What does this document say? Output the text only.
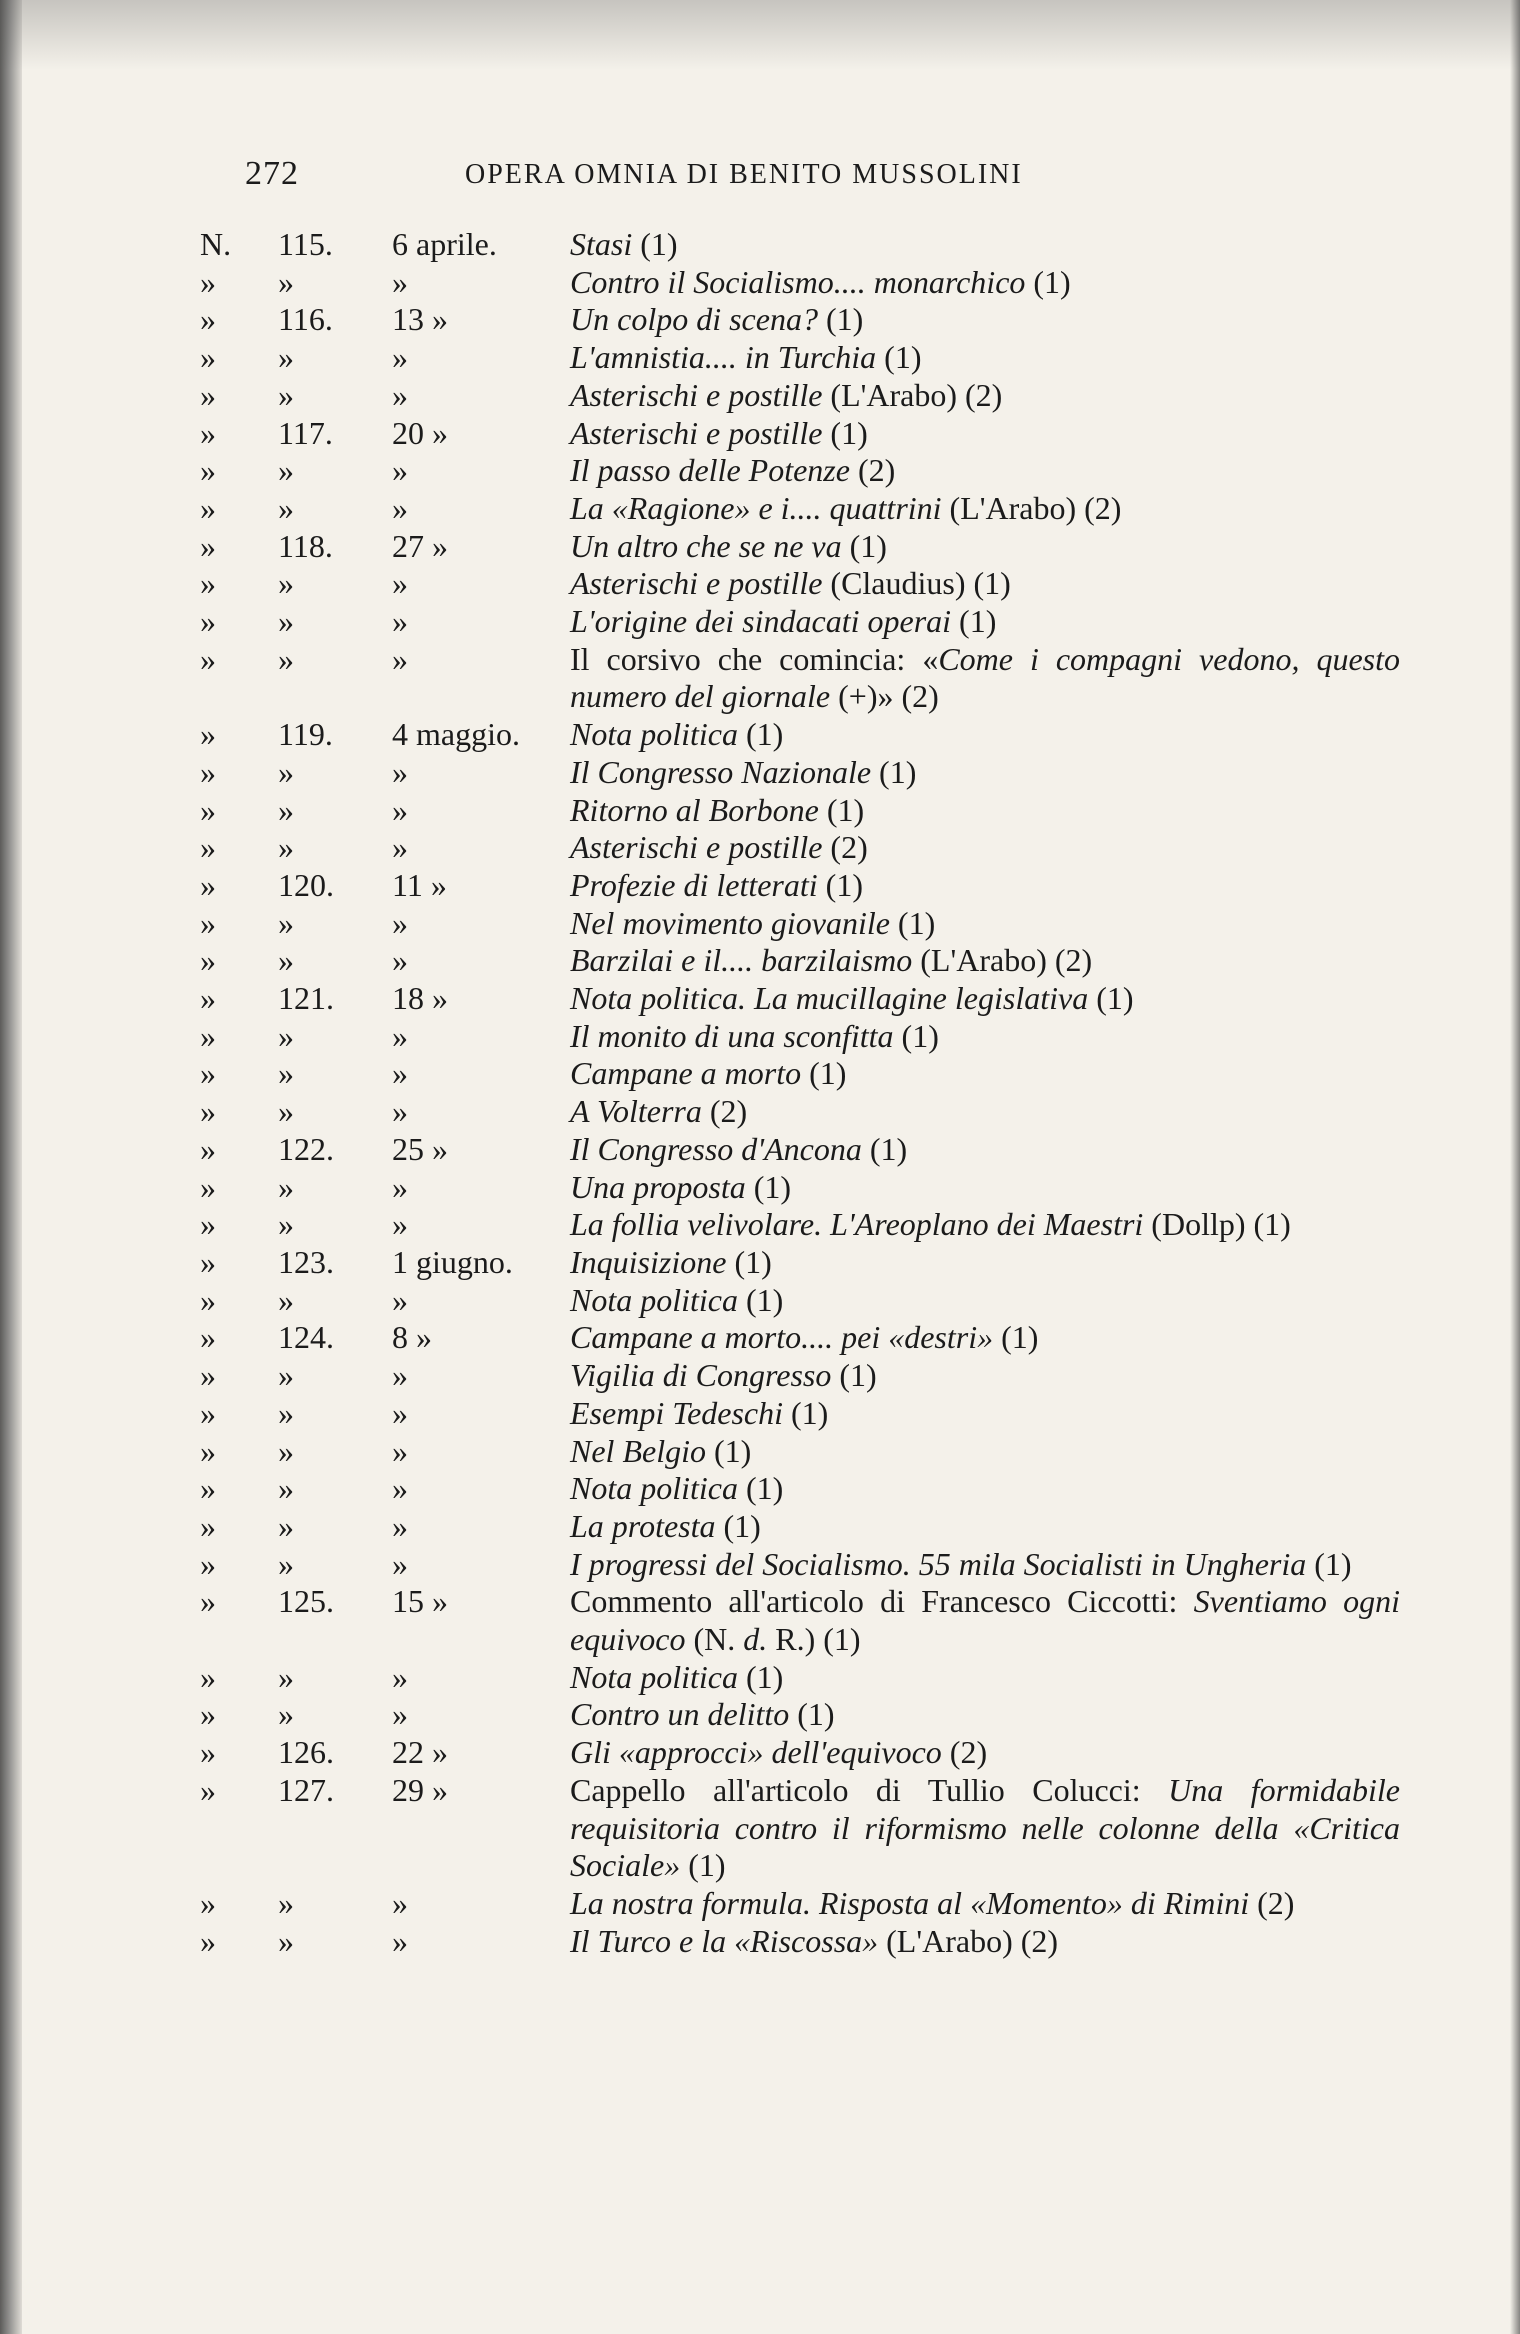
272	OPERA OMNIA DI BENITO MUSSOLINI
N.	115.	6 aprile.	Stasi (1)
»	»	»	Contro il Socialismo.... monarchico (1)
»	116.	13 »	Un colpo di scena? (1)
»	»	»	L'amnistia.... in Turchia (1)
»	»	»	Asterischi e postille (L'Arabo) (2)
»	117.	20 »	Asterischi e postille (1)
»	»	»	Il passo delle Potenze (2)
»	»	»	La «Ragione» e i.... quattrini (L'Arabo) (2)
»	118.	27 »	Un altro che se ne va (1)
»	»	»	Asterischi e postille (Claudius) (1)
»	»	»	L'origine dei sindacati operai (1)
»	»	»	Il corsivo che comincia: «Come i compagni vedono, questo numero del giornale (+)» (2)
»	119.	4 maggio.	Nota politica (1)
»	»	»	Il Congresso Nazionale (1)
»	»	»	Ritorno al Borbone (1)
»	»	»	Asterischi e postille (2)
»	120.	11 »	Profezie di letterati (1)
»	»	»	Nel movimento giovanile (1)
»	»	»	Barzilai e il.... barzilaismo (L'Arabo) (2)
»	121.	18 »	Nota politica. La mucillagine legislativa (1)
»	»	»	Il monito di una sconfitta (1)
»	»	»	Campane a morto (1)
»	»	»	A Volterra (2)
»	122.	25 »	Il Congresso d'Ancona (1)
»	»	»	Una proposta (1)
»	»	»	La follia velivolare. L'Areoplano dei Maestri (Dollp) (1)
»	123.	1 giugno.	Inquisizione (1)
»	»	»	Nota politica (1)
»	124.	8 »	Campane a morto.... pei «destri» (1)
»	»	»	Vigilia di Congresso (1)
»	»	»	Esempi Tedeschi (1)
»	»	»	Nel Belgio (1)
»	»	»	Nota politica (1)
»	»	»	La protesta (1)
»	»	»	I progressi del Socialismo. 55 mila Socialisti in Ungheria (1)
»	125.	15 »	Commento all'articolo di Francesco Ciccotti: Sventiamo ogni equivoco (N. d. R.) (1)
»	»	»	Nota politica (1)
»	»	»	Contro un delitto (1)
»	126.	22 »	Gli «approcci» dell'equivoco (2)
»	127.	29 »	Cappello all'articolo di Tullio Colucci: Una formidabile requisitoria contro il riformismo nelle colonne della «Critica Sociale» (1)
»	»	»	La nostra formula. Risposta al «Momento» di Rimini (2)
»	»	»	Il Turco e la «Riscossa» (L'Arabo) (2)
